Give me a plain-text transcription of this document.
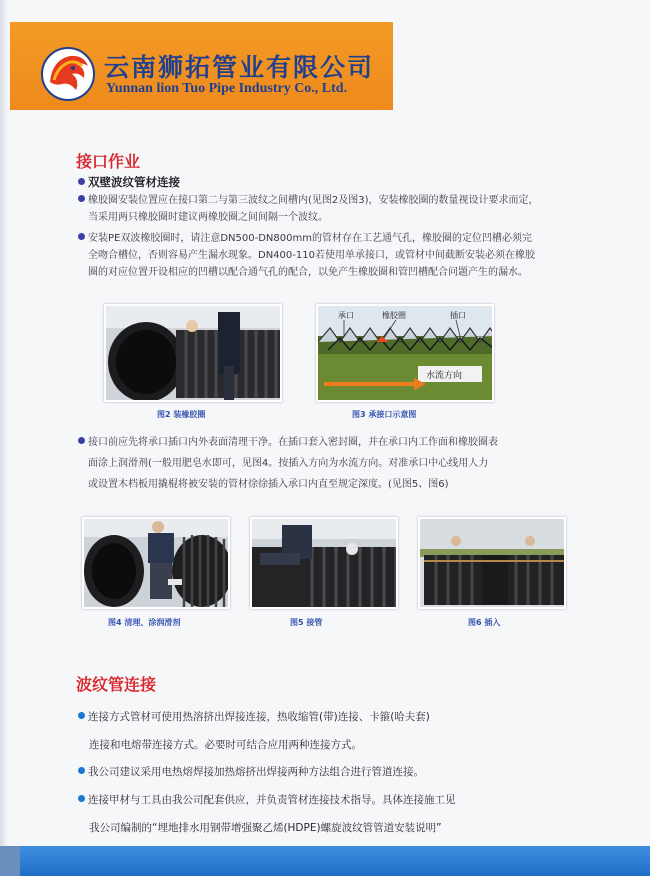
云南狮拓管业有限公司
Yunnan lion Tuo Pipe Industry Co., Ltd.
接口作业
双壁波纹管材连接
橡胶圈安装位置应在接口第二与第三波纹之间槽内(见图2及图3)，安装橡胶圈的数量视设计要求而定，
当采用两只橡胶圈时建议两橡胶圈之间间隔一个波纹。
安装PE双波橡胶圈时，请注意DN500-DN800mm的管材存在工艺通气孔，橡胶圈的定位凹槽必须完
全吻合槽位，否则容易产生漏水现象。DN400-110若使用单承接口，或管材中间截断安装必须在橡胶
圈的对应位置开设相应的凹槽以配合通气孔的配合，以免产生橡胶圈和管凹槽配合问题产生的漏水。
图2 装橡胶圈
承口	橡胶圈	插口
水流方向
图3 承接口示意图
接口前应先将承口插口内外表面清理干净。在插口套入密封圈，并在承口内工作面和橡胶圈表
面涂上润滑剂(一般用肥皂水即可，见图4。按插入方向为水流方向。对准承口中心线用人力
或设置木档板用撬棍将被安装的管材徐徐插入承口内直至规定深度。(见图5、图6)
图4 清理、涂润滑剂	图5 接管	图6 插入
波纹管连接
连接方式管材可使用热溶挤出焊接连接，热收缩管(带)连接、卡箍(哈夫套)
连接和电熔带连接方式。必要时可结合应用两种连接方式。
我公司建议采用电热熔焊接加热熔挤出焊接两种方法组合进行管道连接。
连接甲材与工具由我公司配套供应，并负责管材连接技术指导。具体连接施工见
我公司编制的“埋地排水用钢带增强聚乙烯(HDPE)螺旋波纹管管道安装说明”
